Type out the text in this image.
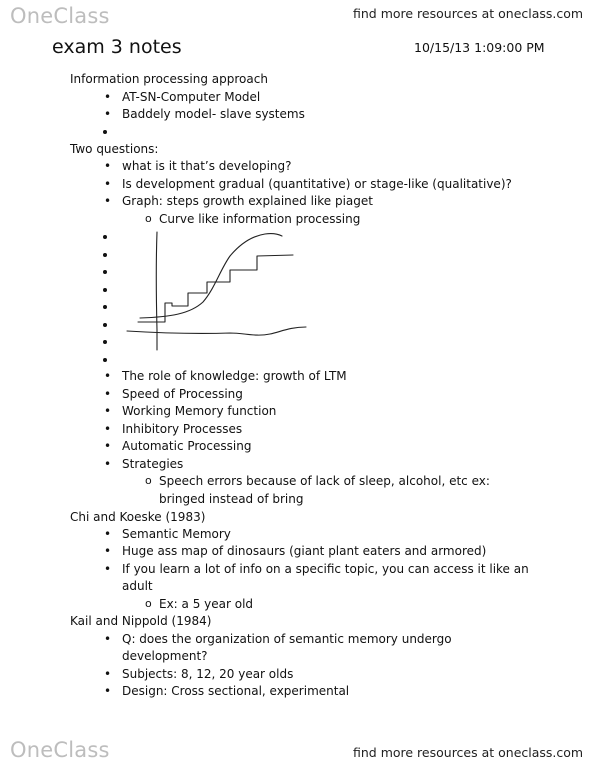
OneClass	find more resources at oneclass.com
exam 3 notes	10/15/13 1:09:00 PM
Information processing approach
• AT-SN-Computer Model
• Baddely model- slave systems
Two questions:
• what is it that’s developing?
• Is development gradual (quantitative) or stage-like (qualitative)?
• Graph: steps growth explained like piaget
o Curve like information processing
• The role of knowledge: growth of LTM
• Speed of Processing
• Working Memory function
• Inhibitory Processes
• Automatic Processing
• Strategies
o Speech errors because of lack of sleep, alcohol, etc ex:
bringed instead of bring
Chi and Koeske (1983)
• Semantic Memory
• Huge ass map of dinosaurs (giant plant eaters and armored)
• If you learn a lot of info on a specific topic, you can access it like an
adult
o Ex: a 5 year old
Kail and Nippold (1984)
• Q: does the organization of semantic memory undergo
development?
• Subjects: 8, 12, 20 year olds
• Design: Cross sectional, experimental
OneClass	find more resources at oneclass.com
